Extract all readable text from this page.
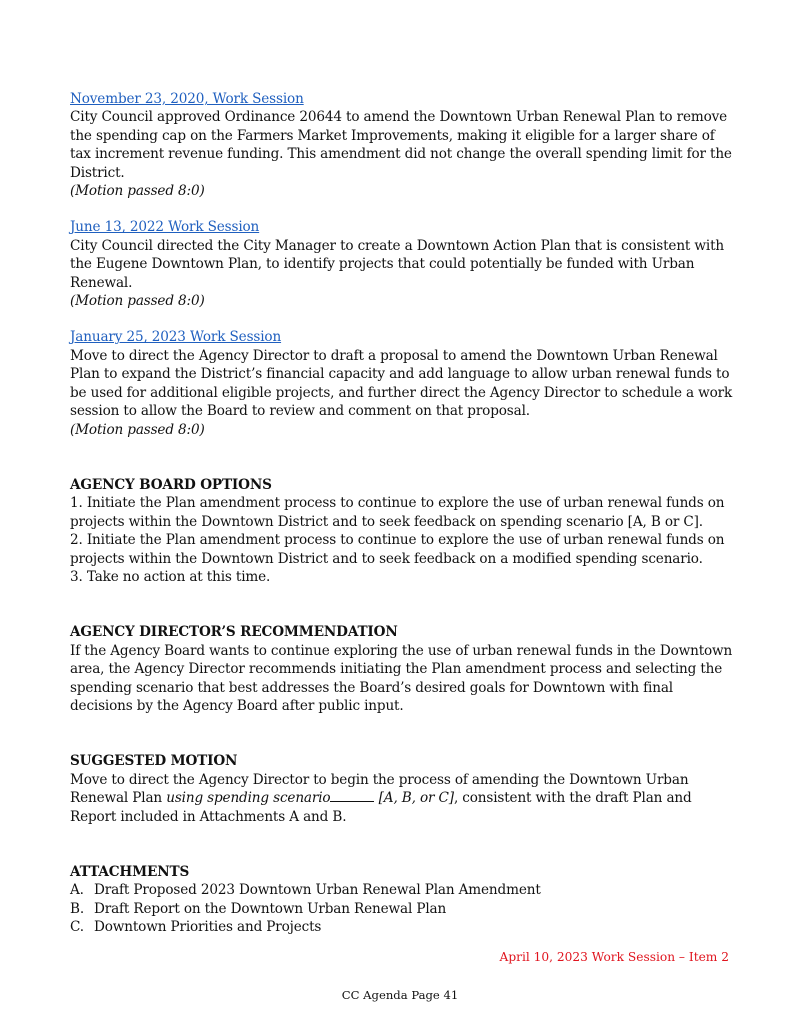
November 23, 2020, Work Session

City Council approved Ordinance 20644 to amend the Downtown Urban Renewal Plan to remove the spending cap on the Farmers Market Improvements, making it eligible for a larger share of tax increment revenue funding. This amendment did not change the overall spending limit for the District.

(Motion passed 8:0)

June 13, 2022 Work Session

City Council directed the City Manager to create a Downtown Action Plan that is consistent with the Eugene Downtown Plan, to identify projects that could potentially be funded with Urban Renewal.

(Motion passed 8:0)

January 25, 2023 Work Session

Move to direct the Agency Director to draft a proposal to amend the Downtown Urban Renewal Plan to expand the District’s financial capacity and add language to allow urban renewal funds to be used for additional eligible projects, and further direct the Agency Director to schedule a work session to allow the Board to review and comment on that proposal.

(Motion passed 8:0)

AGENCY BOARD OPTIONS

1. Initiate the Plan amendment process to continue to explore the use of urban renewal funds on projects within the Downtown District and to seek feedback on spending scenario [A, B or C].

2. Initiate the Plan amendment process to continue to explore the use of urban renewal funds on projects within the Downtown District and to seek feedback on a modified spending scenario.

3. Take no action at this time.

AGENCY DIRECTOR’S RECOMMENDATION

If the Agency Board wants to continue exploring the use of urban renewal funds in the Downtown area, the Agency Director recommends initiating the Plan amendment process and selecting the spending scenario that best addresses the Board’s desired goals for Downtown with final decisions by the Agency Board after public input.

SUGGESTED MOTION

Move to direct the Agency Director to begin the process of amending the Downtown Urban Renewal Plan using spending scenario	[A, B, or C], consistent with the draft Plan and Report included in Attachments A and B.

ATTACHMENTS
A. Draft Proposed 2023 Downtown Urban Renewal Plan Amendment
B. Draft Report on the Downtown Urban Renewal Plan
C. Downtown Priorities and Projects
April 10, 2023 Work Session – Item 2
CC Agenda Page 41
